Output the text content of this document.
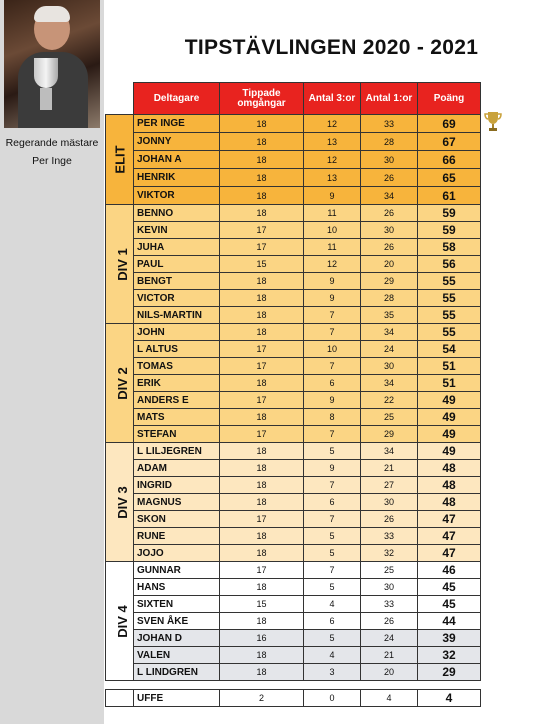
Regerande mästare
Per Inge
TIPSTÄVLINGEN 2020 - 2021
	Deltagare	Tippade omgångar	Antal 3:or	Antal 1:or	Poäng
ELIT	PER INGE	18	12	33	69
	JONNY	18	13	28	67
	JOHAN A	18	12	30	66
	HENRIK	18	13	26	65
	VIKTOR	18	9	34	61
DIV 1	BENNO	18	11	26	59
	KEVIN	17	10	30	59
	JUHA	17	11	26	58
	PAUL	15	12	20	56
	BENGT	18	9	29	55
	VICTOR	18	9	28	55
	NILS-MARTIN	18	7	35	55
DIV 2	JOHN	18	7	34	55
	L ALTUS	17	10	24	54
	TOMAS	17	7	30	51
	ERIK	18	6	34	51
	ANDERS E	17	9	22	49
	MATS	18	8	25	49
	STEFAN	17	7	29	49
DIV 3	L LILJEGREN	18	5	34	49
	ADAM	18	9	21	48
	INGRID	18	7	27	48
	MAGNUS	18	6	30	48
	SKON	17	7	26	47
	RUNE	18	5	33	47
	JOJO	18	5	32	47
DIV 4	GUNNAR	17	7	25	46
	HANS	18	5	30	45
	SIXTEN	15	4	33	45
	SVEN ÅKE	18	6	26	44
	JOHAN D	16	5	24	39
	VALEN	18	4	21	32
	L LINDGREN	18	3	20	29
	UFFE	2	0	4	4
